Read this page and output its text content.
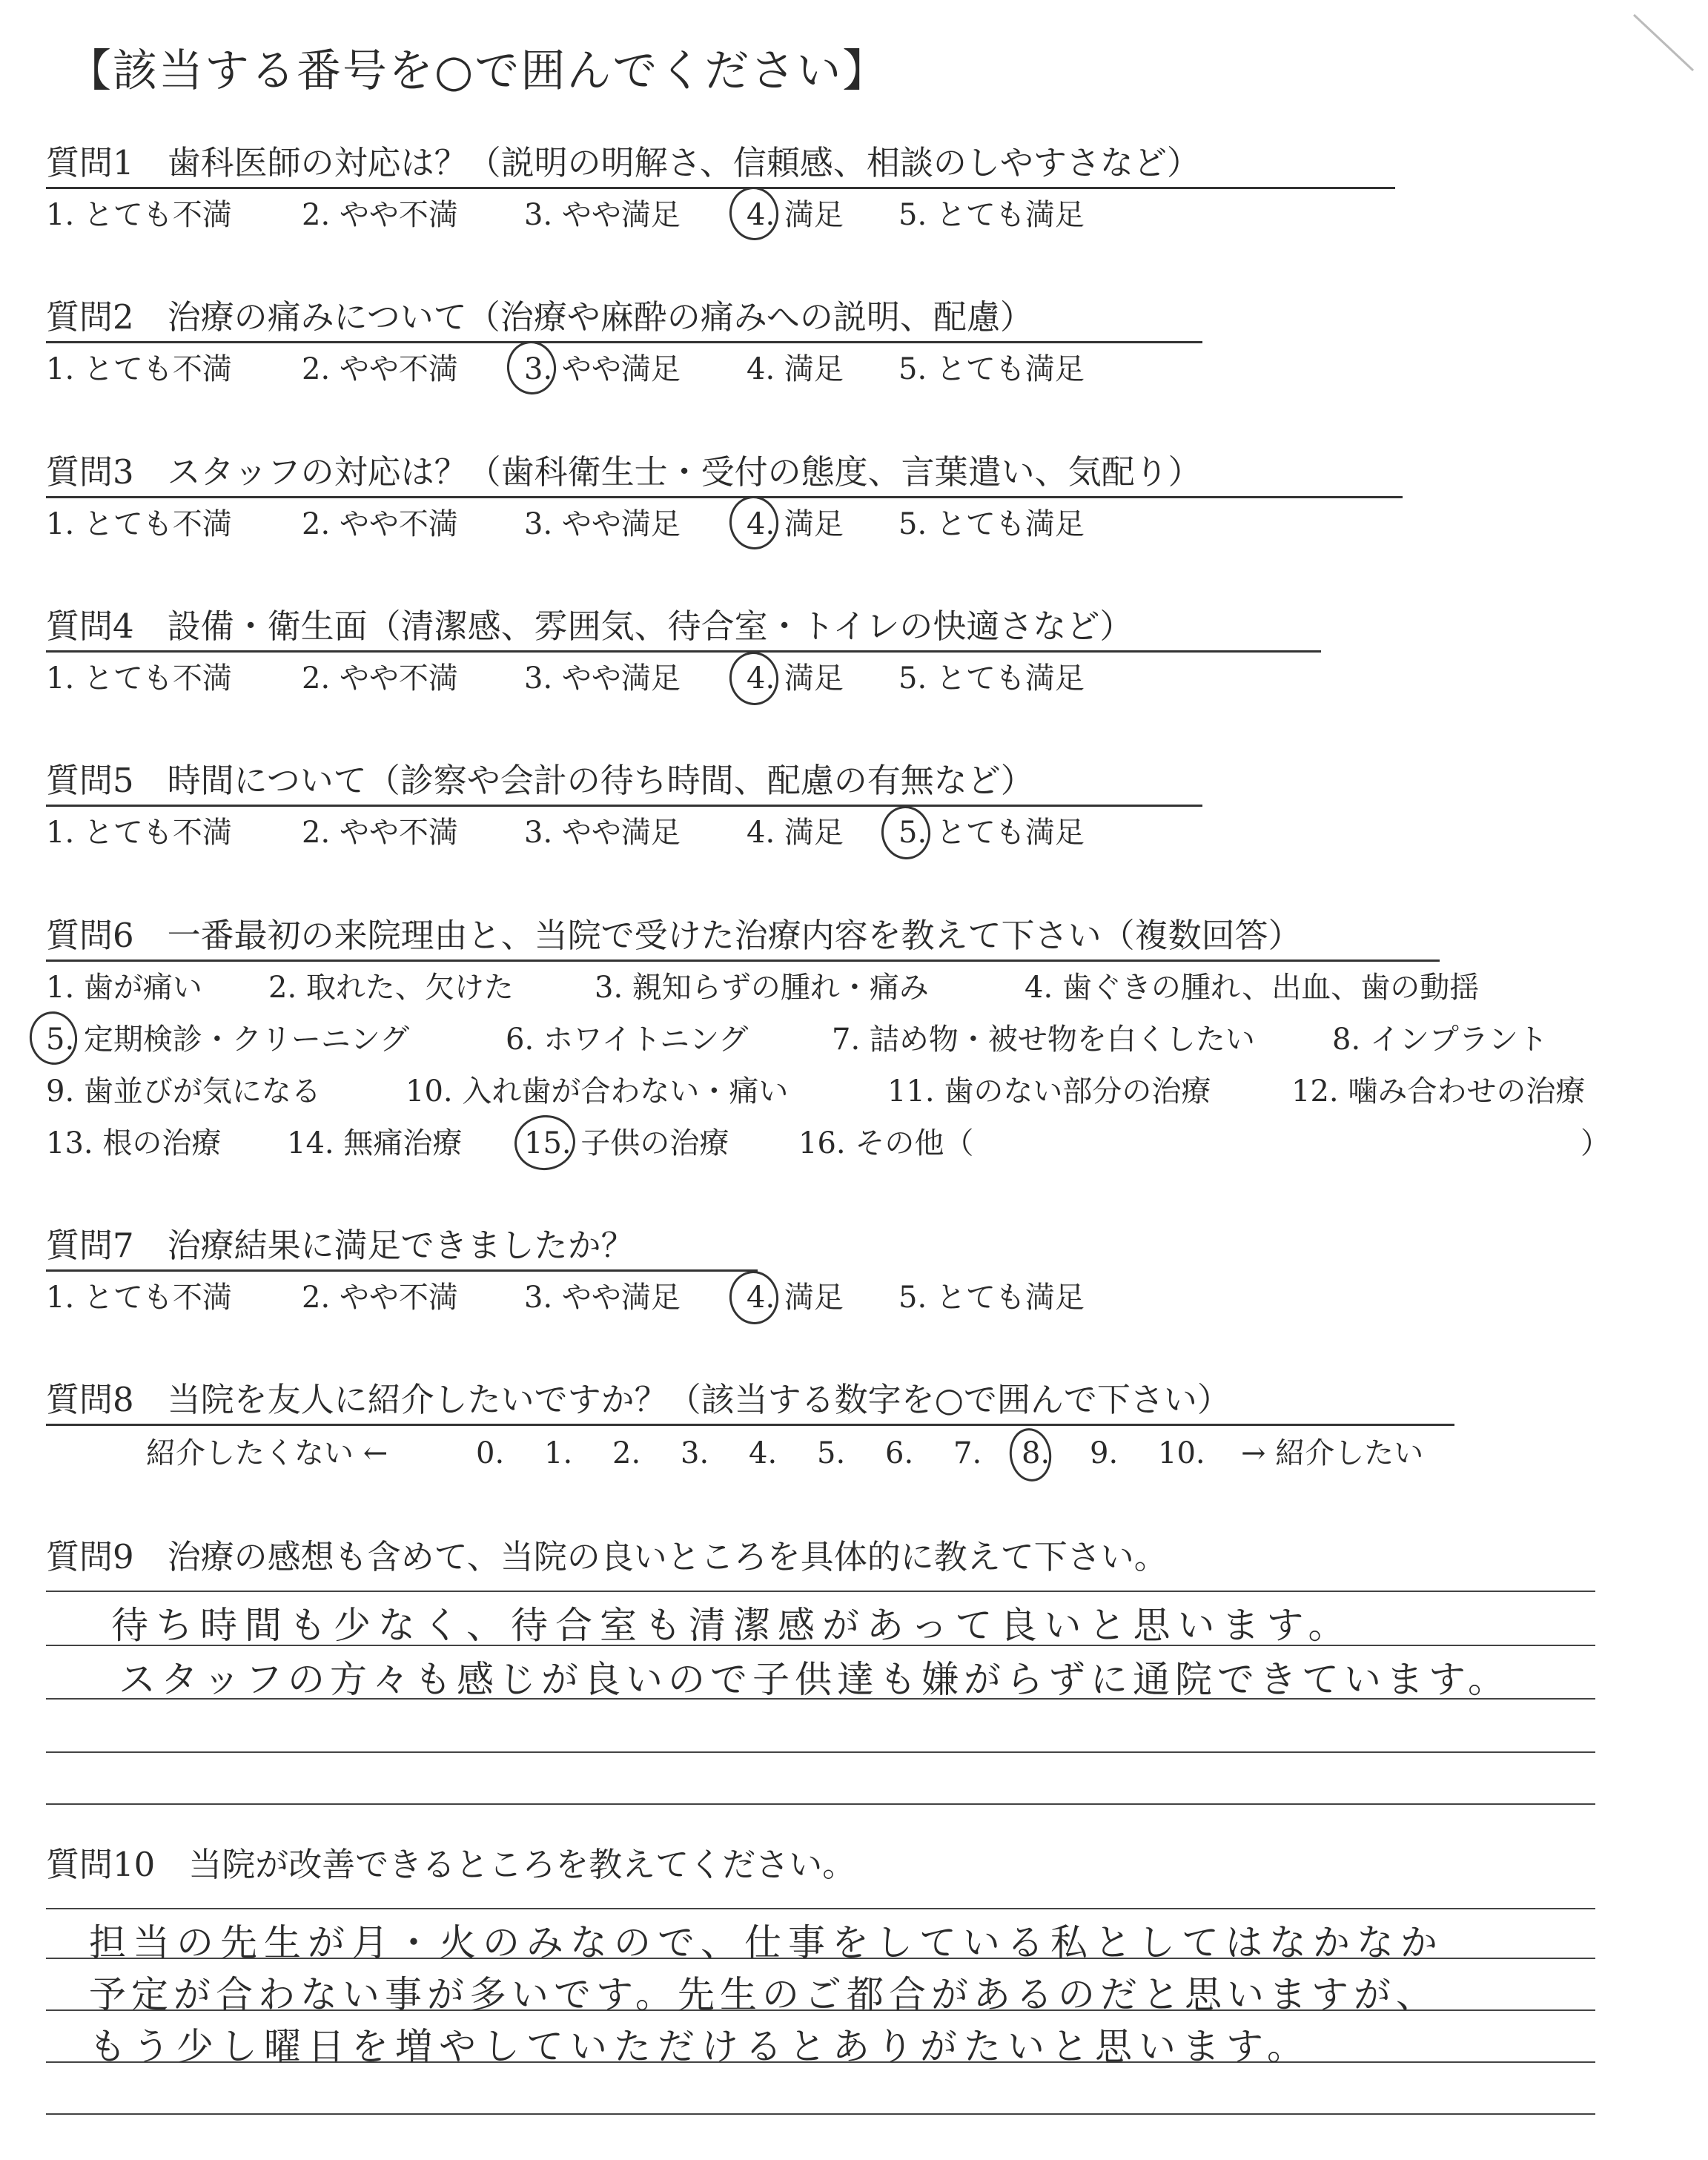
【該当する番号を○で囲んでください】
質問1　歯科医師の対応は？（説明の明解さ、信頼感、相談のしやすさなど）
1. とても不満 2. やや不満 3. やや満足 4. 満足 5. とても満足
質問2　治療の痛みについて（治療や麻酔の痛みへの説明、配慮）
1. とても不満 2. やや不満 3. やや満足 4. 満足 5. とても満足
質問3　スタッフの対応は？（歯科衛生士・受付の態度、言葉遣い、気配り）
1. とても不満 2. やや不満 3. やや満足 4. 満足 5. とても満足
質問4　設備・衛生面（清潔感、雰囲気、待合室・トイレの快適さなど）
1. とても不満 2. やや不満 3. やや満足 4. 満足 5. とても満足
質問5　時間について（診察や会計の待ち時間、配慮の有無など）
1. とても不満 2. やや不満 3. やや満足 4. 満足 5. とても満足
質問6　一番最初の来院理由と、当院で受けた治療内容を教えて下さい（複数回答）
1. 歯が痛い 2. 取れた、欠けた	3. 親知らずの腫れ・痛み	4. 歯ぐきの腫れ、出血、歯の動揺
5. 定期検診・クリーニング	6. ホワイトニング	7. 詰め物・被せ物を白くしたい	8. インプラント
9. 歯並びが気になる	10. 入れ歯が合わない・痛い	11. 歯のない部分の治療	12. 噛み合わせの治療
13. 根の治療 14. 無痛治療 15. 子供の治療 16. その他（	）
質問7　治療結果に満足できましたか？
1. とても不満 2. やや不満 3. やや満足 4. 満足 5. とても満足
質問8　当院を友人に紹介したいですか？（該当する数字を○で囲んで下さい）
紹介したくない ←	0. 1. 2. 3. 4. 5. 6. 7. 8. 9. 10. → 紹介したい
質問9　治療の感想も含めて、当院の良いところを具体的に教えて下さい。
待ち時間も少なく、待合室も清潔感があって良いと思います。
スタッフの方々も感じが良いので子供達も嫌がらずに通院できています。
質問10　当院が改善できるところを教えてください。
担当の先生が月・火のみなので、仕事をしている私としてはなかなか
予定が合わない事が多いです。先生のご都合があるのだと思いますが、
もう少し曜日を増やしていただけるとありがたいと思います。
